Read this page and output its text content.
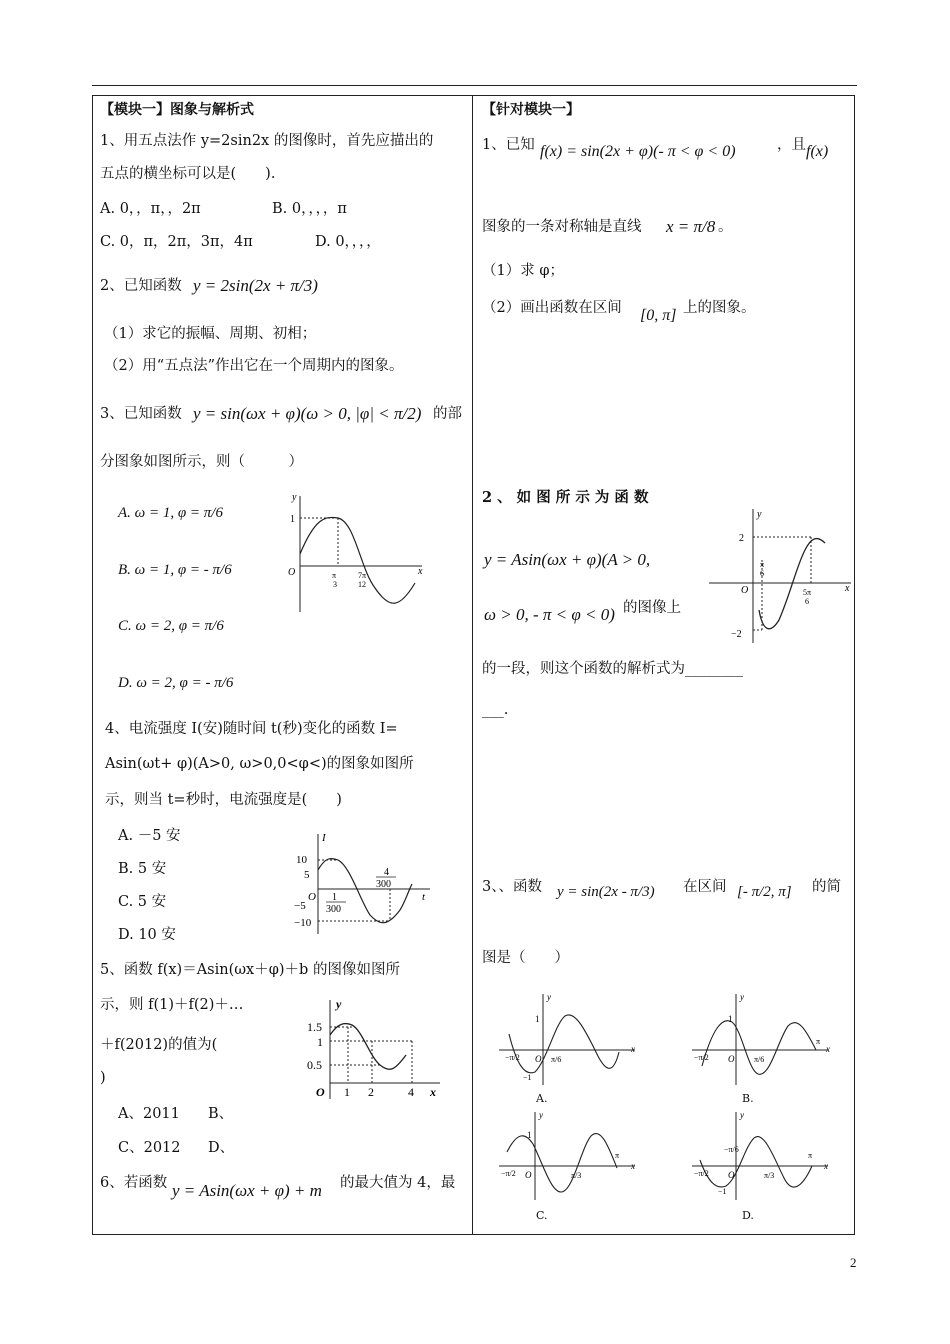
【模块一】图象与解析式
1、用五点法作 y=2sin2x 的图像时，首先应描出的
五点的横坐标可以是(　　).
A. 0，，π，，2π	B. 0，，，，π
C. 0，π，2π，3π，4π	D. 0，，，，
2、已知函数 y = 2sin(2x + π/3)
（1）求它的振幅、周期、初相；
（2）用“五点法”作出它在一个周期内的图象。
3、已知函数 y = sin(ωx + φ)(ω > 0, |φ| < π/2) 的部
分图象如图所示，则（　　　）
A. ω = 1, φ = π/6
B. ω = 1, φ = - π/6
C. ω = 2, φ = π/6
D. ω = 2, φ = - π/6
y
1
O	π
3
7π
12
x
4、电流强度 I(安)随时间 t(秒)变化的函数 I=
Asin(ωt+ φ)(A>0, ω>0,0<φ<)的图象如图所
示，则当 t=秒时，电流强度是(　　)
A. －5 安
B. 5 安
C. 5 安
D. 10 安
I
10
5
O
−5
−10
1
300
4
300
t
5、函数 f(x)＝Asin(ωx＋φ)＋b 的图像如图所
示，则 f(1)＋f(2)＋…
＋f(2012)的值为(
)
A、2011 B、
C、2012 D、
y
1.5
1
0.5
O 1 2	4 x
6、若函数 y = Asin(ωx + φ) + m 的最大值为 4，最
【针对模块一】
1、已知 f(x) = sin(2x + φ)(- π < φ < 0)	，且 f(x)
图象的一条对称轴是直线 x = π/8 。
（1）求 φ；
（2）画出函数在区间 [0, π] 上的图象。
2 、 如 图 所 示 为 函 数
y = Asin(ωx + φ)(A > 0,
ω > 0, - π < φ < 0) 的图像上
的一段，则这个函数的解析式为________
___.
y
2
O
−2
π
6
5π
6
x
3、、函数 y = sin(2x - π/3) 在区间 [- π/2, π] 的简
图是（　　）
y
1
O
−π/2	π/6
−1
x
A.
y
1
O
−π/2	π/6
π
x
B.
y
1
O
−π/2	π/3
π
x
C.
y
−π/6
O
−π/2	π/3
−1
π
x
D.
2
